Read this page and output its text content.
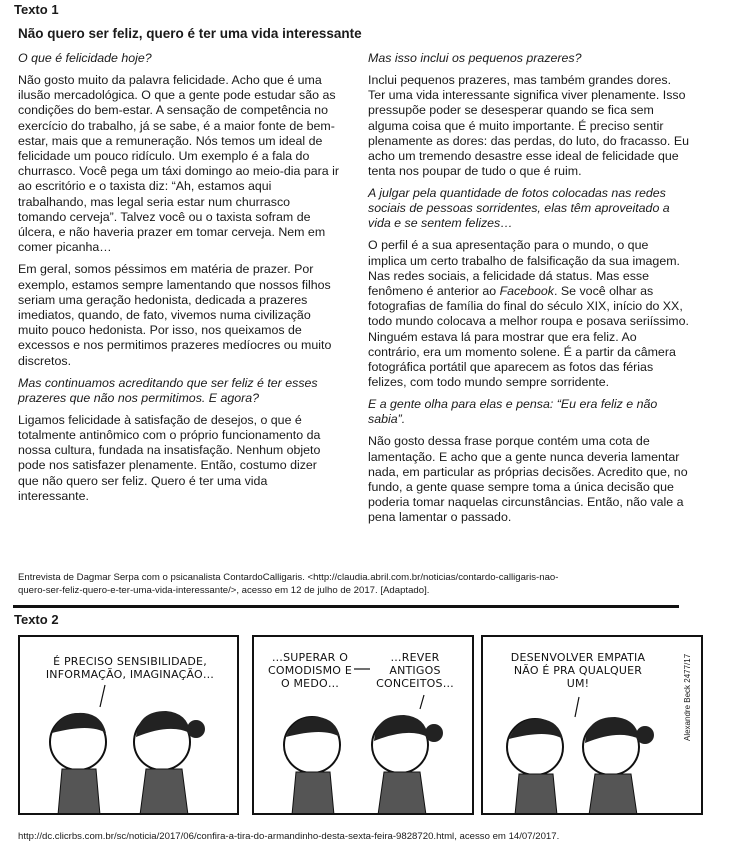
Texto 1
Não quero ser feliz, quero é ter uma vida interessante

O que é felicidade hoje?

Não gosto muito da palavra felicidade. Acho que é uma ilusão mercadológica. O que a gente pode estudar são as condições do bem-estar. A sensação de competência no exercício do trabalho, já se sabe, é a maior fonte de bem-estar, mais que a remuneração. Nós temos um ideal de felicidade um pouco ridículo. Um exemplo é a fala do churrasco. Você pega um táxi domingo ao meio-dia para ir ao escritório e o taxista diz: “Ah, estamos aqui trabalhando, mas legal seria estar num churrasco tomando cerveja”. Talvez você ou o taxista sofram de úlcera, e não haveria prazer em tomar cerveja. Nem em comer picanha…

Em geral, somos péssimos em matéria de prazer. Por exemplo, estamos sempre lamentando que nossos filhos seriam uma geração hedonista, dedicada a prazeres imediatos, quando, de fato, vivemos numa civilização muito pouco hedonista. Por isso, nos queixamos de excessos e nos permitimos prazeres medíocres ou muito discretos.

Mas continuamos acreditando que ser feliz é ter esses prazeres que não nos permitimos. E agora?

Ligamos felicidade à satisfação de desejos, o que é totalmente antinômico com o próprio funcionamento da nossa cultura, fundada na insatisfação. Nenhum objeto pode nos satisfazer plenamente. Então, costumo dizer que não quero ser feliz. Quero é ter uma vida interessante.

Mas isso inclui os pequenos prazeres?

Inclui pequenos prazeres, mas também grandes dores. Ter uma vida interessante significa viver plenamente. Isso pressupõe poder se desesperar quando se fica sem alguma coisa que é muito importante. É preciso sentir plenamente as dores: das perdas, do luto, do fracasso. Eu acho um tremendo desastre esse ideal de felicidade que tenta nos poupar de tudo o que é ruim.

A julgar pela quantidade de fotos colocadas nas redes sociais de pessoas sorridentes, elas têm aproveitado a vida e se sentem felizes…

O perfil é a sua apresentação para o mundo, o que implica um certo trabalho de falsificação da sua imagem. Nas redes sociais, a felicidade dá status. Mas esse fenômeno é anterior ao Facebook. Se você olhar as fotografias de família do final do século XIX, início do XX, todo mundo colocava a melhor roupa e posava seriíssimo. Ninguém estava lá para mostrar que era feliz. Ao contrário, era um momento solene. É a partir da câmera fotográfica portátil que aparecem as fotos das férias felizes, com todo mundo sempre sorridente.

E a gente olha para elas e pensa: “Eu era feliz e não sabia”.

Não gosto dessa frase porque contém uma cota de lamentação. E acho que a gente nunca deveria lamentar nada, em particular as próprias decisões. Acredito que, no fundo, a gente quase sempre toma a única decisão que poderia tomar naquelas circunstâncias. Então, não vale a pena lamentar o passado.

Entrevista de Dagmar Serpa com o psicanalista ContardoCalligaris. <http://claudia.abril.com.br/noticias/contardo-calligaris-nao-quero-ser-feliz-quero-e-ter-uma-vida-interessante/>, acesso em 12 de julho de 2017. [Adaptado].
Texto 2
É PRECISO SENSIBILIDADE, INFORMAÇÃO, IMAGINAÇÃO…
…SUPERAR O COMODISMO E O MEDO…
…REVER ANTIGOS CONCEITOS…
DESENVOLVER EMPATIA NÃO É PRA QUALQUER UM!	Alexandre Beck 2477/17
http://dc.clicrbs.com.br/sc/noticia/2017/06/confira-a-tira-do-armandinho-desta-sexta-feira-9828720.html, acesso em 14/07/2017.
